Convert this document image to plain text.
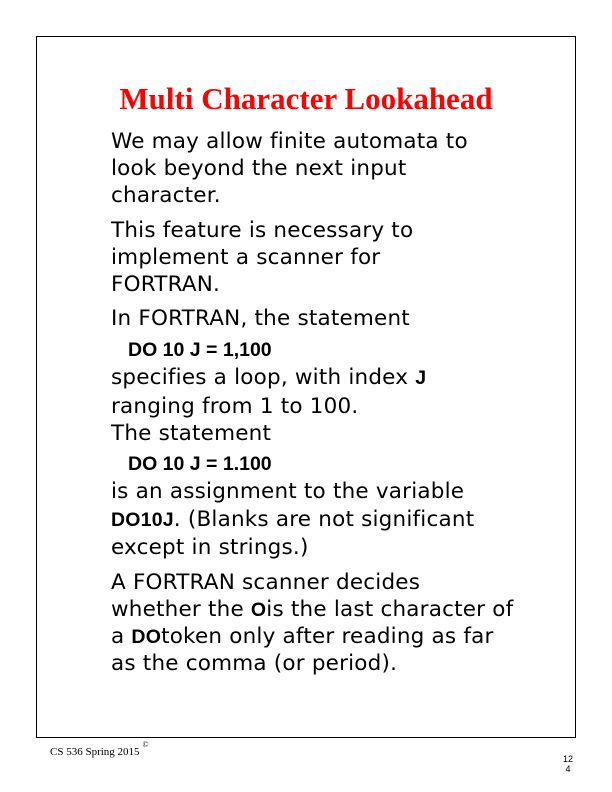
Multi Character Lookahead
We may allow finite automata to
look beyond the next input
character.
This feature is necessary to
implement a scanner for
FORTRAN.
In FORTRAN, the statement
DO 10 J = 1,100
specifies a loop, with index J
ranging from 1 to 100.
The statement
DO 10 J = 1.100
is an assignment to the variable
DO10J. (Blanks are not significant
except in strings.)
A FORTRAN scanner decides
whether the Ois the last character of
a DOtoken only after reading as far
as the comma (or period).
CS 536 Spring 2015©
12
4
